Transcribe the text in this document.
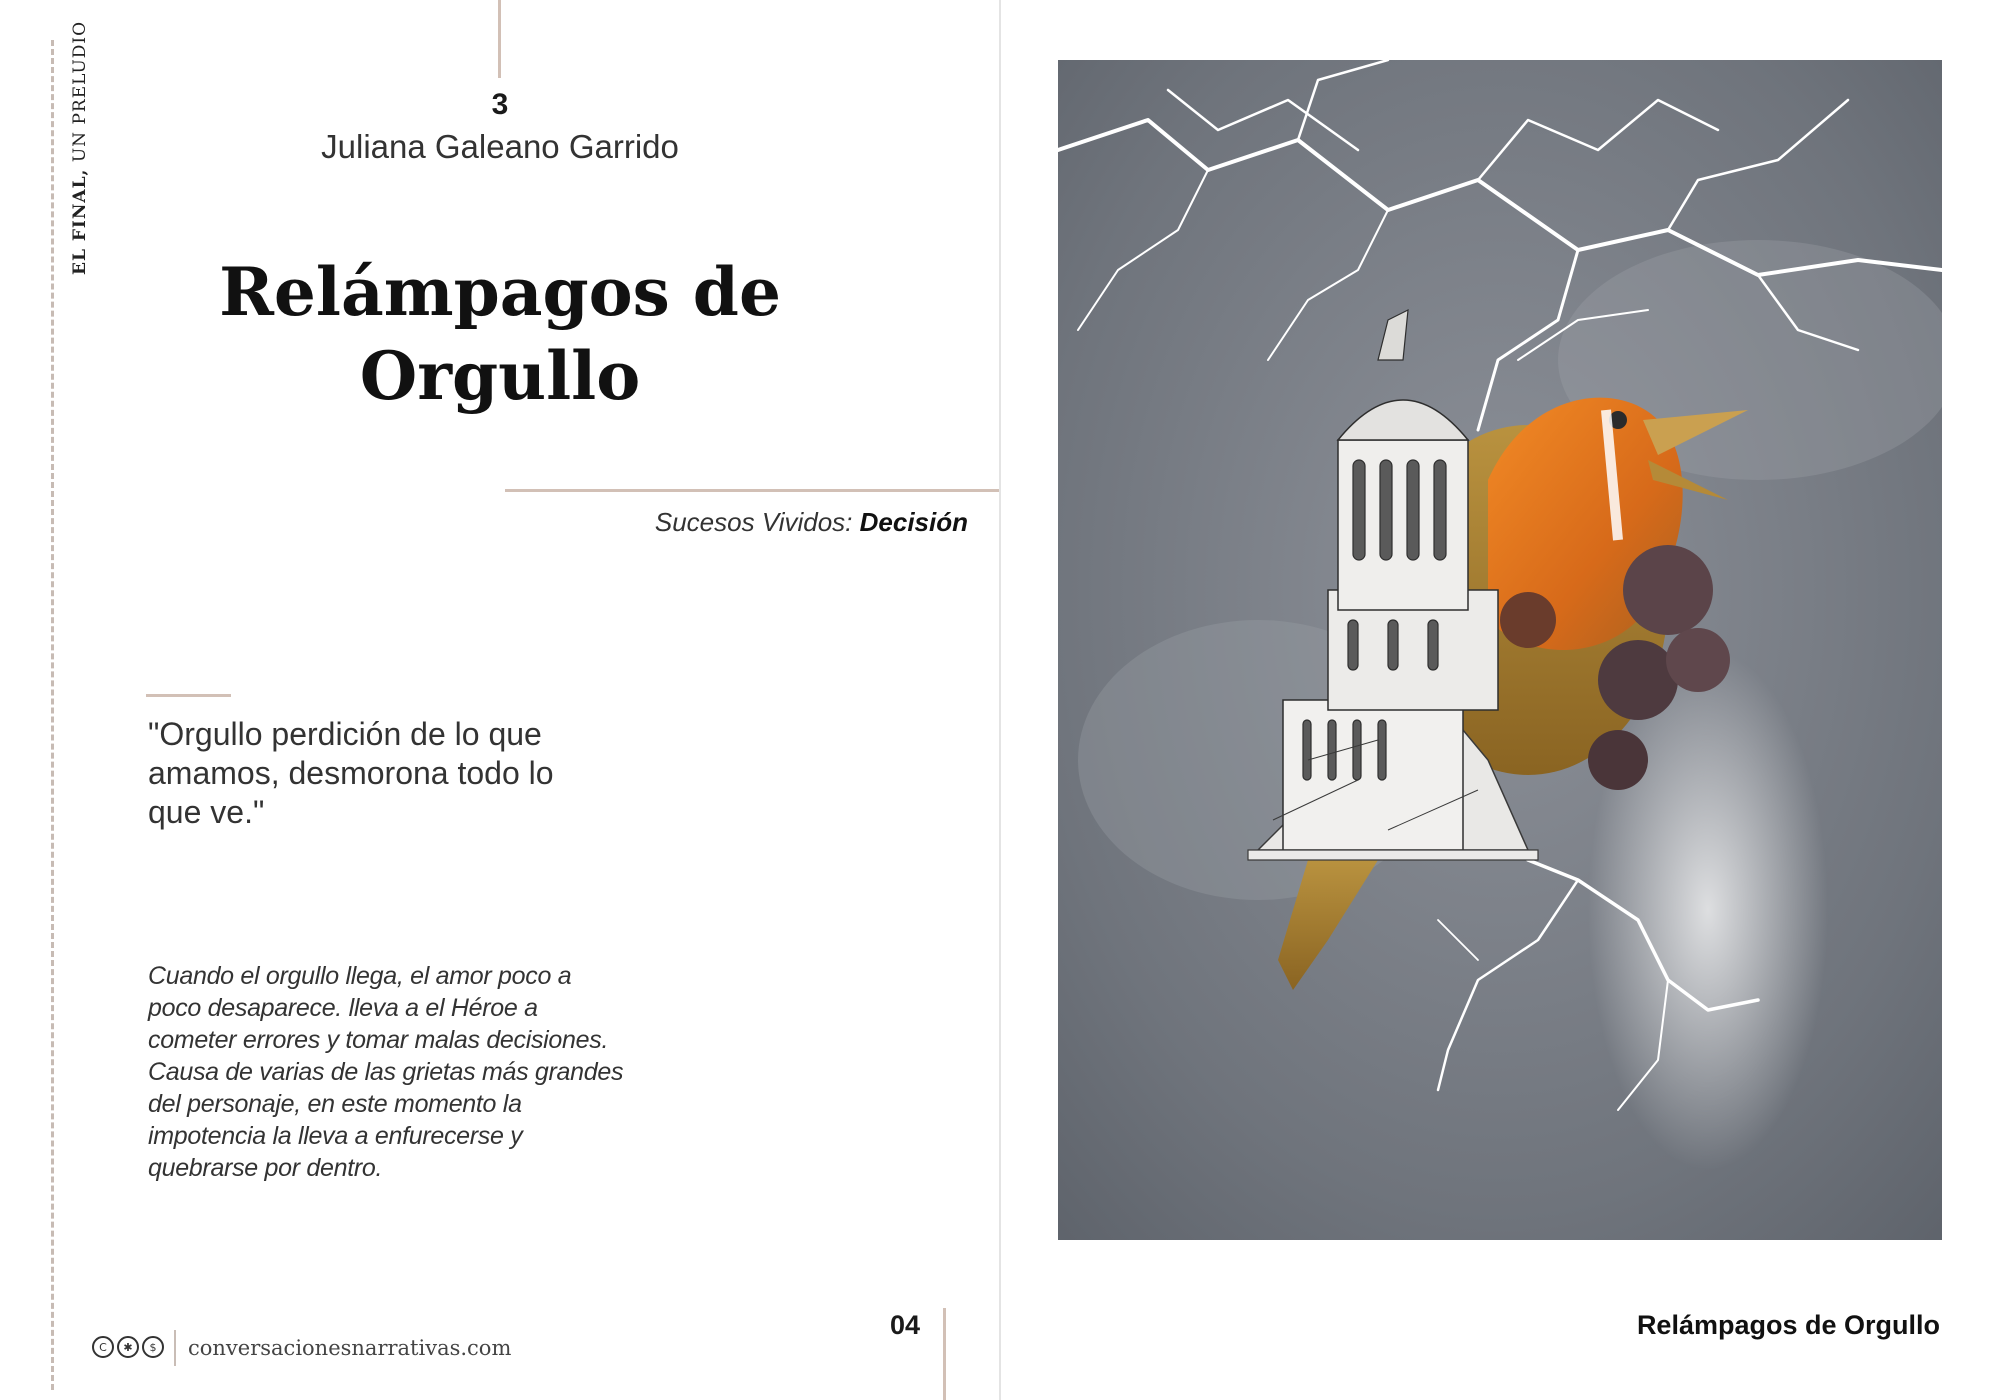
EL FINAL, UN PRELUDIO	3
Juliana Galeano Garrido
Relámpagos de
Orgullo
Sucesos Vividos: Decisión
"Orgullo perdición de lo que
amamos, desmorona todo lo
que ve."
Cuando el orgullo llega, el amor poco a
poco desaparece. lleva a el Héroe a
cometer errores y tomar malas decisiones.
Causa de varias de las grietas más grandes
del personaje, en este momento la
impotencia la lleva a enfurecerse y
quebrarse por dentro.
C	✱	$	conversacionesnarrativas.com
04	Relámpagos de Orgullo
